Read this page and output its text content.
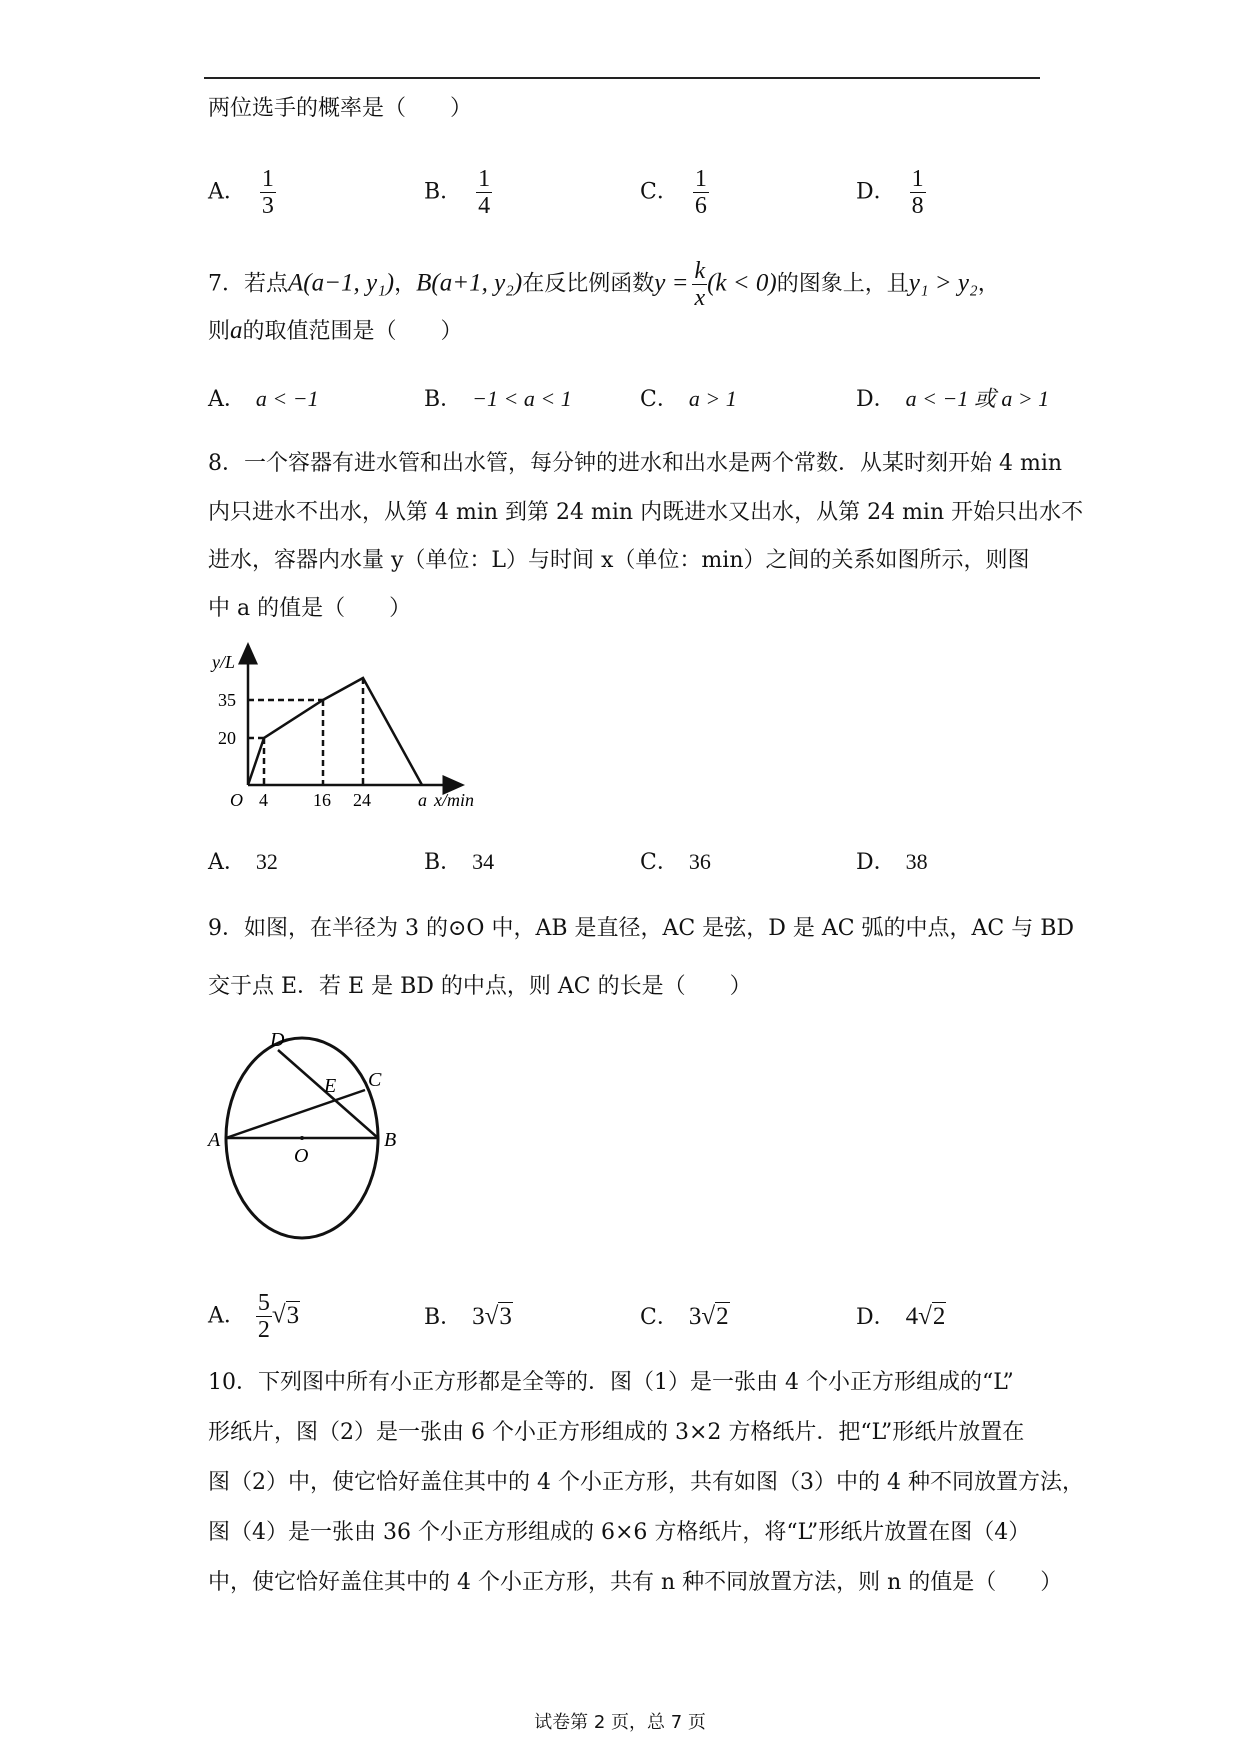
两位选手的概率是（　　）
A． $\frac{1}{3}$	B． $\frac{1}{4}$	C． $\frac{1}{6}$	D． $\frac{1}{8}$
7．若点A(a−1, y₁)，B(a+1, y₂)在反比例函数$y = \frac{k}{x} (k < 0)$的图象上，且y₁ > y₂，
则a的取值范围是（　　）
A． a < −1	B． −1 < a < 1	C． a > 1	D． a < −1 或 a > 1
8．一个容器有进水管和出水管，每分钟的进水和出水是两个常数．从某时刻开始 4 min
内只进水不出水，从第 4 min 到第 24 min 内既进水又出水，从第 24 min 开始只出水不
进水，容器内水量 y（单位：L）与时间 x（单位：min）之间的关系如图所示，则图
中 a 的值是（　　）
y/L
35
20
O 4	16 24	a x/min
A． 32	B． 34	C． 36	D． 38
9．如图，在半径为 3 的⊙O 中，AB 是直径，AC 是弦，D 是 AC 弧的中点，AC 与 BD
交于点 E．若 E 是 BD 的中点，则 AC 的长是（　　）
D
E C
A	B
O
A． $\frac{5}{2} √3$	B． 3√3	C． 3√2	D． 4√2
10．下列图中所有小正方形都是全等的．图（1）是一张由 4 个小正方形组成的“L”
形纸片，图（2）是一张由 6 个小正方形组成的 3×2 方格纸片．把“L”形纸片放置在
图（2）中，使它恰好盖住其中的 4 个小正方形，共有如图（3）中的 4 种不同放置方法，
图（4）是一张由 36 个小正方形组成的 6×6 方格纸片，将“L”形纸片放置在图（4）
中，使它恰好盖住其中的 4 个小正方形，共有 n 种不同放置方法，则 n 的值是（　　）
试卷第 2 页，总 7 页
